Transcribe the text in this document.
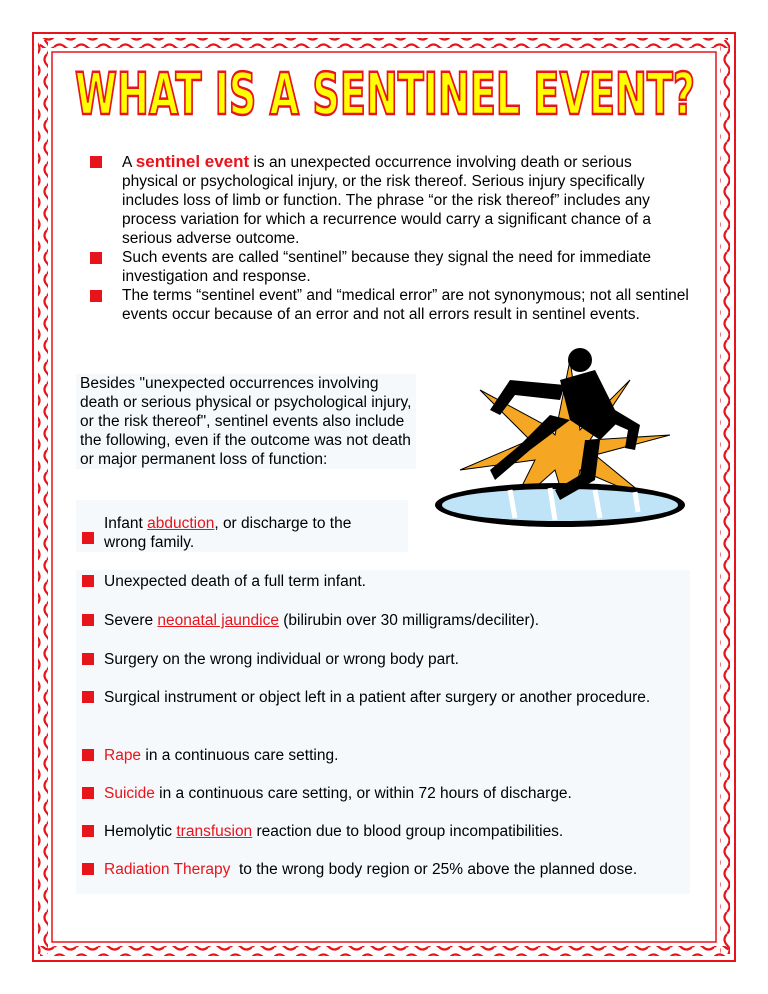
WHAT IS A SENTINEL EVENT?
A sentinel event is an unexpected occurrence involving death or serious physical or psychological injury, or the risk thereof. Serious injury specifically includes loss of limb or function. The phrase “or the risk thereof” includes any process variation for which a recurrence would carry a significant chance of a serious adverse outcome.
Such events are called “sentinel” because they signal the need for immediate investigation and response.
The terms “sentinel event” and “medical error” are not synonymous; not all sentinel events occur because of an error and not all errors result in sentinel events.
Besides "unexpected occurrences involving death or serious physical or psychological injury, or the risk thereof", sentinel events also include the following, even if the outcome was not death or major permanent loss of function:
Infant abduction, or discharge to the wrong family.
Unexpected death of a full term infant.
Severe neonatal jaundice (bilirubin over 30 milligrams/deciliter).
Surgery on the wrong individual or wrong body part.
Surgical instrument or object left in a patient after surgery or another procedure.
Rape in a continuous care setting.
Suicide in a continuous care setting, or within 72 hours of discharge.
Hemolytic transfusion reaction due to blood group incompatibilities.
Radiation Therapy  to the wrong body region or 25% above the planned dose.
